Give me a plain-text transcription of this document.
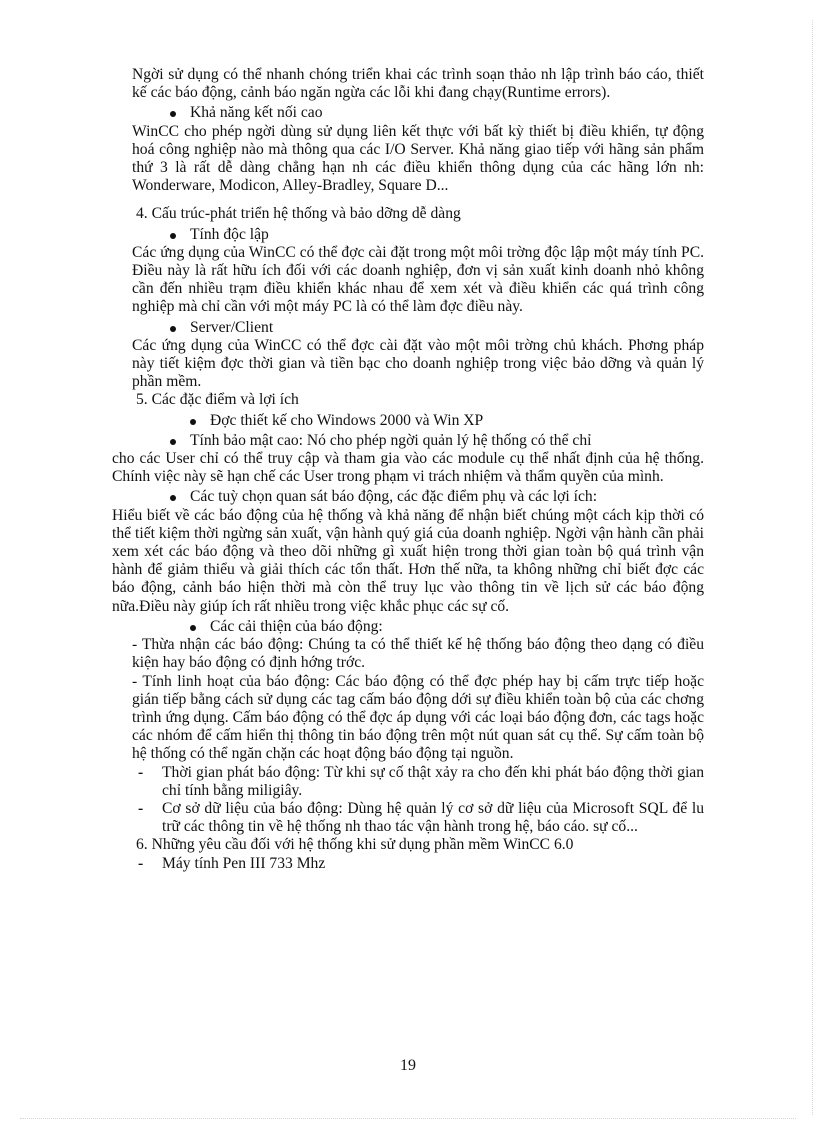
Ngời sử dụng có thể nhanh chóng triển khai các trình soạn thảo nh lập trình báo cáo, thiết kế các báo động, cảnh báo ngăn ngừa các lỗi khi đang chạy(Runtime errors).

Khả năng kết nối cao

WinCC cho phép ngời dùng sử dụng liên kết thực với bất kỳ thiết bị điều khiển, tự động hoá công nghiệp nào mà thông qua các I/O Server. Khả năng giao tiếp với hãng sản phẩm thứ 3 là rất dễ dàng chẳng hạn nh các điều khiển thông dụng của các hãng lớn nh: Wonderware, Modicon, Alley-Bradley, Square D...

4. Cấu trúc-phát triển hệ thống và bảo dỡng dễ dàng

Tính độc lập

Các ứng dụng của WinCC có thể đợc cài đặt trong một môi trờng độc lập một máy tính PC. Điều này là rất hữu ích đối với các doanh nghiệp, đơn vị sản xuất kinh doanh nhỏ không cần đến nhiều trạm điều khiển khác nhau để xem xét và điều khiển các quá trình công nghiệp mà chỉ cần với một máy PC là có thể làm đợc điều này.

Server/Client

Các ứng dụng của WinCC có thể đợc cài đặt vào một môi trờng chủ khách. Phơng pháp này tiết kiệm đợc thời gian và tiền bạc cho doanh nghiệp trong việc bảo dỡng và quản lý phần mềm.

5. Các đặc điểm và lợi ích

Đợc thiết kế cho Windows 2000 và Win XP
Tính bảo mật cao: Nó cho phép ngời quản lý hệ thống có thể chỉ

cho các User chỉ có thể truy cập và tham gia vào các module cụ thể nhất định của hệ thống. Chính việc này sẽ hạn chế các User trong phạm vi trách nhiệm và thẩm quyền của mình.

Các tuỳ chọn quan sát báo động, các đặc điểm phụ và các lợi ích:

Hiểu biết về các báo động của hệ thống và khả năng để nhận biết chúng một cách kịp thời có thể tiết kiệm thời ngừng sản xuất, vận hành quý giá của doanh nghiệp. Ngời vận hành cần phải xem xét các báo động và theo dõi những gì xuất hiện trong thời gian toàn bộ quá trình vận hành để giảm thiểu và giải thích các tổn thất. Hơn thế nữa, ta không những chỉ biết đợc các báo động, cảnh báo hiện thời mà còn thể truy lục vào thông tin về lịch sử các báo động nữa.Điều này giúp ích rất nhiều trong việc khắc phục các sự cố.

Các cải thiện của báo động:

- Thừa nhận các báo động: Chúng ta có thể thiết kế hệ thống báo động theo dạng có điều kiện hay báo động có định hớng trớc.

- Tính linh hoạt của báo động: Các báo động có thể đợc phép hay bị cấm trực tiếp hoặc gián tiếp bằng cách sử dụng các tag cấm báo động dới sự điều khiển toàn bộ của các chơng trình ứng dụng. Cấm báo động có thể đợc áp dụng với các loại báo động đơn, các tags hoặc các nhóm để cấm hiển thị thông tin báo động trên một nút quan sát cụ thể. Sự cấm toàn bộ hệ thống có thể ngăn chặn các hoạt động báo động tại nguồn.

- Thời gian phát báo động: Từ khi sự cố thật xảy ra cho đến khi phát báo động thời gian chỉ tính bằng miligiây.
- Cơ sở dữ liệu của báo động: Dùng hệ quản lý cơ sở dữ liệu của Microsoft SQL để lu trữ các thông tin về hệ thống nh thao tác vận hành trong hệ, báo cáo. sự cố...

6. Những yêu cầu đối với hệ thống khi sử dụng phần mềm WinCC 6.0

- Máy tính Pen III 733 Mhz
19
